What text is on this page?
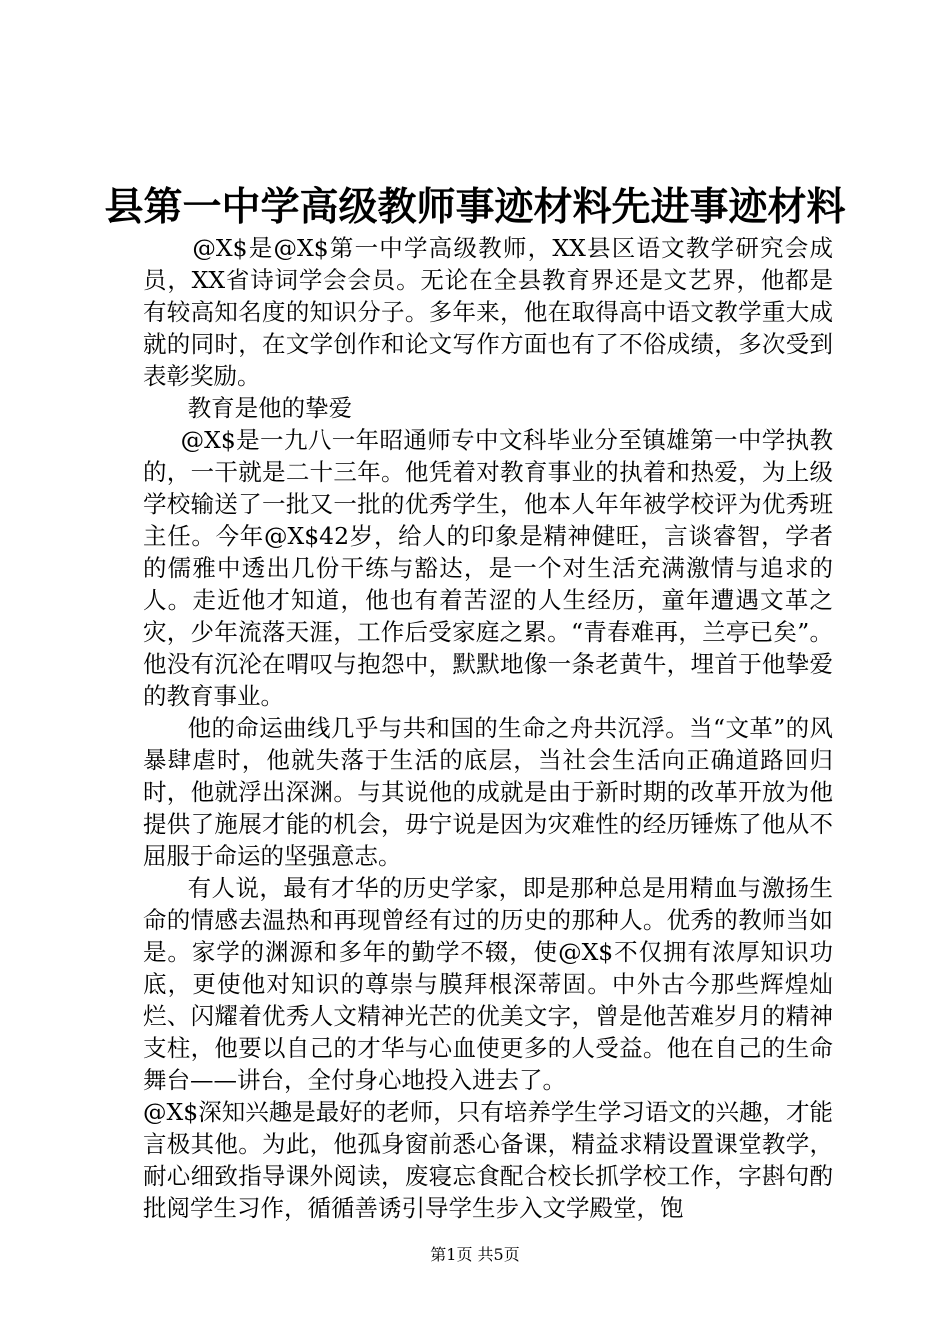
县第一中学高级教师事迹材料先进事迹材料

@X$是@X$第一中学高级教师，XX县区语文教学研究会成员，XX省诗词学会会员。无论在全县教育界还是文艺界，他都是有较高知名度的知识分子。多年来，他在取得高中语文教学重大成就的同时，在文学创作和论文写作方面也有了不俗成绩，多次受到表彰奖励。

教育是他的挚爱

@X$是一九八一年昭通师专中文科毕业分至镇雄第一中学执教的，一干就是二十三年。他凭着对教育事业的执着和热爱，为上级学校输送了一批又一批的优秀学生，他本人年年被学校评为优秀班主任。今年@X$42岁，给人的印象是精神健旺，言谈睿智，学者的儒雅中透出几份干练与豁达，是一个对生活充满激情与追求的人。走近他才知道，他也有着苦涩的人生经历，童年遭遇文革之灾，少年流落天涯，工作后受家庭之累。“青春难再，兰亭已矣”。他没有沉沦在喟叹与抱怨中，默默地像一条老黄牛，埋首于他挚爱的教育事业。

他的命运曲线几乎与共和国的生命之舟共沉浮。当“文革”的风暴肆虐时，他就失落于生活的底层，当社会生活向正确道路回归时，他就浮出深渊。与其说他的成就是由于新时期的改革开放为他提供了施展才能的机会，毋宁说是因为灾难性的经历锤炼了他从不屈服于命运的坚强意志。

有人说，最有才华的历史学家，即是那种总是用精血与激扬生命的情感去温热和再现曾经有过的历史的那种人。优秀的教师当如是。家学的渊源和多年的勤学不辍，使@X$不仅拥有浓厚知识功底，更使他对知识的尊崇与膜拜根深蒂固。中外古今那些辉煌灿烂、闪耀着优秀人文精神光芒的优美文字，曾是他苦难岁月的精神支柱，他要以自己的才华与心血使更多的人受益。他在自己的生命舞台——讲台，全付身心地投入进去了。

@X$深知兴趣是最好的老师，只有培养学生学习语文的兴趣，才能言极其他。为此，他孤身窗前悉心备课，精益求精设置课堂教学，耐心细致指导课外阅读，废寝忘食配合校长抓学校工作，字斟句酌批阅学生习作，循循善诱引导学生步入文学殿堂，饱

第1页 共5页
